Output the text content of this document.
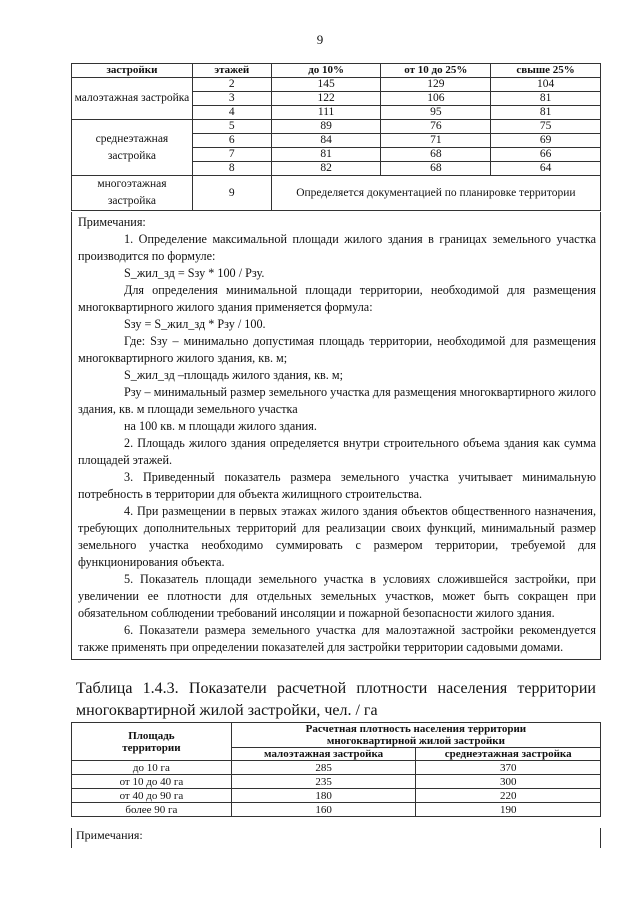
9
застройки	этажей	до 10%	от 10 до 25%	свыше 25%
малоэтажная застройка	2	145	129	104
	3	122	106	81
	4	111	95	81
среднеэтажная застройка	5	89	76	75
	6	84	71	69
	7	81	68	66
	8	82	68	64
многоэтажная застройка	9	Определяется документацией по планировке территории		

Примечания:

1. Определение максимальной площади жилого здания в границах земельного участка производится по формуле:

S_жил_зд = Sзу * 100 / Рзу.

Для определения минимальной площади территории, необходимой для размещения многоквартирного жилого здания применяется формула:

Sзу = S_жил_зд * Рзу / 100.

Где: Sзу – минимально допустимая площадь территории, необходимой для размещения многоквартирного жилого здания, кв. м;

S_жил_зд –площадь жилого здания, кв. м;

Рзу – минимальный размер земельного участка для размещения многоквартирного жилого здания, кв. м площади земельного участка

на 100 кв. м площади жилого здания.

2. Площадь жилого здания определяется внутри строительного объема здания как сумма площадей этажей.

3. Приведенный показатель размера земельного участка учитывает минимальную потребность в территории для объекта жилищного строительства.

4. При размещении в первых этажах жилого здания объектов общественного назначения, требующих дополнительных территорий для реализации своих функций, минимальный размер земельного участка необходимо суммировать с размером территории, требуемой для функционирования объекта.

5. Показатель площади земельного участка в условиях сложившейся застройки, при увеличении ее плотности для отдельных земельных участков, может быть сокращен при обязательном соблюдении требований инсоляции и пожарной безопасности жилого здания.

6. Показатели размера земельного участка для малоэтажной застройки рекомендуется также применять при определении показателей для застройки территории садовыми домами.

Таблица 1.4.3. Показатели расчетной плотности населения территории многоквартирной жилой застройки, чел. / га
Площадь территории	Расчетная плотность населения территории многоквартирной жилой застройки	
	малоэтажная застройка	среднеэтажная застройка
до 10 га	285	370
от 10 до 40 га	235	300
от 40 до 90 га	180	220
более 90 га	160	190
Примечания:
